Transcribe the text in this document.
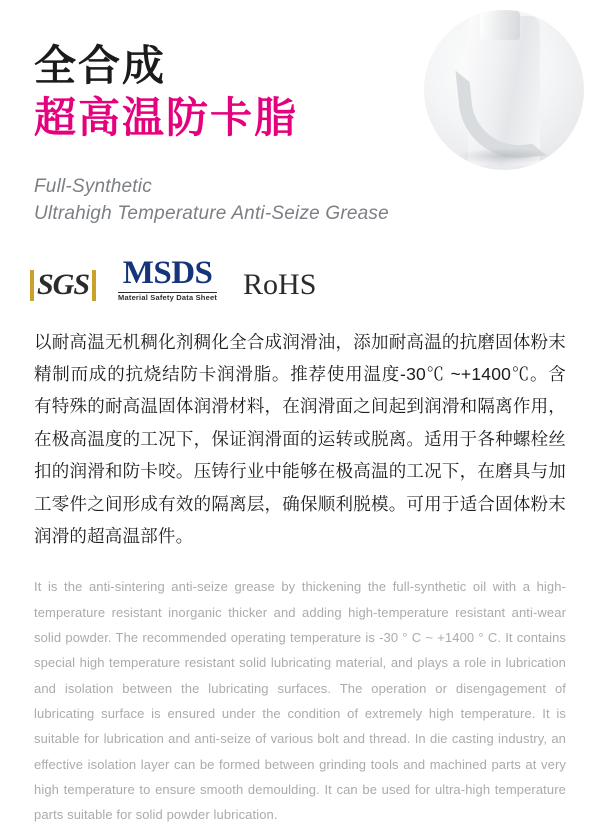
全合成
超高温防卡脂
Full-Synthetic
Ultrahigh Temperature Anti-Seize Grease
SGS MSDS
Material Safety Data Sheet RoHS

以耐高温无机稠化剂稠化全合成润滑油，添加耐高温的抗磨固体粉末精制而成的抗烧结防卡润滑脂。推荐使用温度-30℃ ~+1400℃。含有特殊的耐高温固体润滑材料，在润滑面之间起到润滑和隔离作用，在极高温度的工况下，保证润滑面的运转或脱离。适用于各种螺栓丝扣的润滑和防卡咬。压铸行业中能够在极高温的工况下，在磨具与加工零件之间形成有效的隔离层，确保顺利脱模。可用于适合固体粉末润滑的超高温部件。

It is the anti-sintering anti-seize grease by thickening the full-synthetic oil with a high-temperature resistant inorganic thicker and adding high-temperature resistant anti-wear solid powder. The recommended operating temperature is -30 ° C ~ +1400 ° C. It contains special high temperature resistant solid lubricating material, and plays a role in lubrication and isolation between the lubricating surfaces. The operation or disengagement of lubricating surface is ensured under the condition of extremely high temperature. It is suitable for lubrication and anti-seize of various bolt and thread. In die casting industry, an effective isolation layer can be formed between grinding tools and machined parts at very high temperature to ensure smooth demoulding. It can be used for ultra-high temperature parts suitable for solid powder lubrication.
